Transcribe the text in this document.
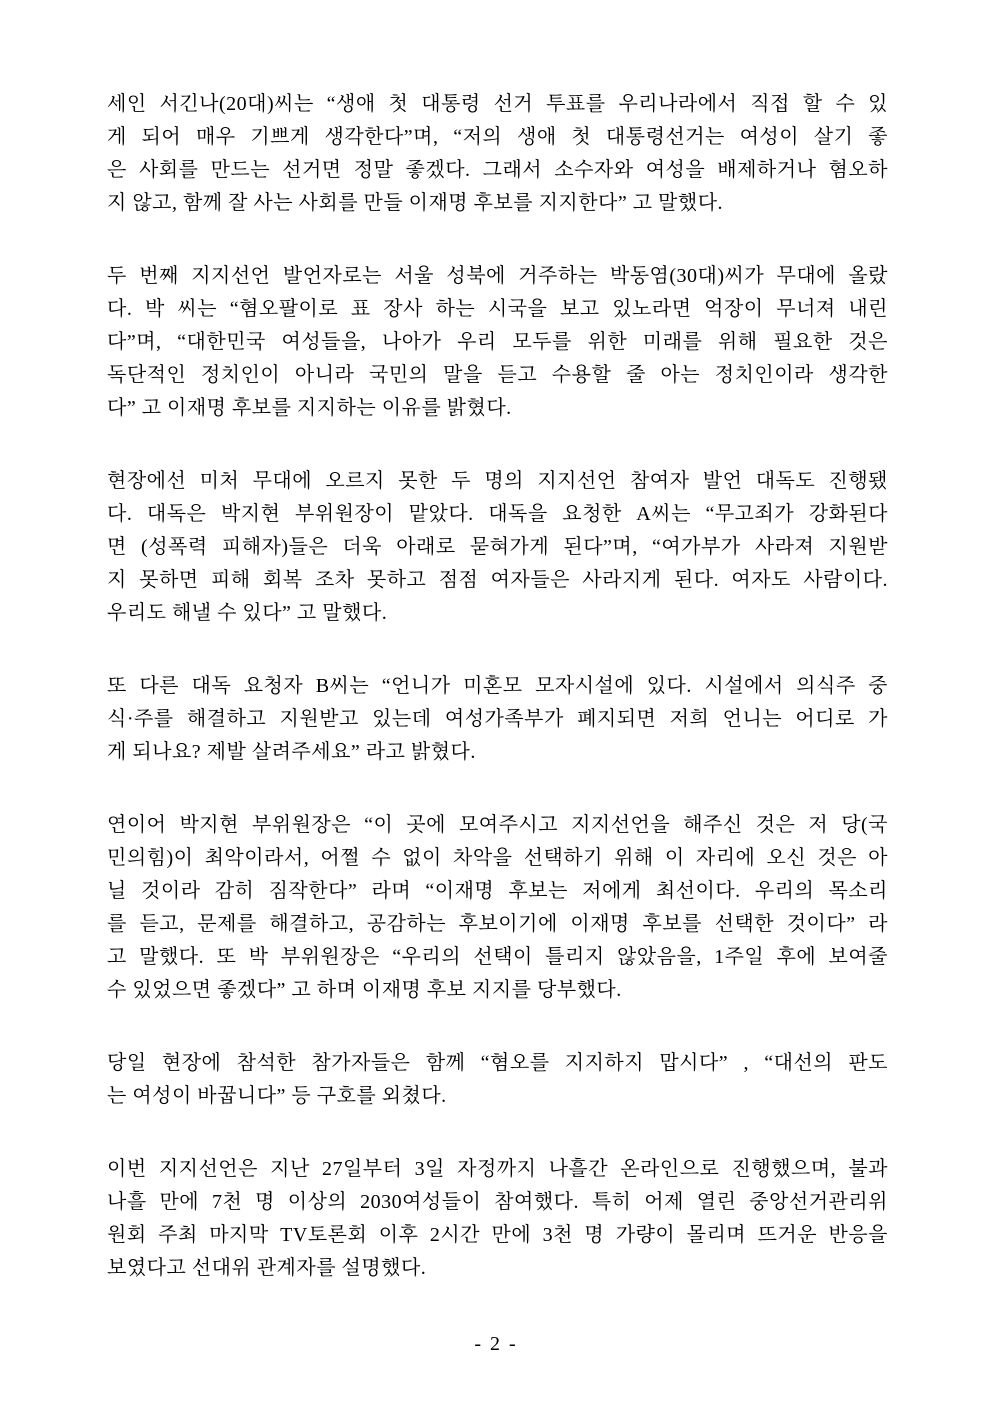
세인 서긴나(20대)씨는 “생애 첫 대통령 선거 투표를 우리나라에서 직접 할 수 있
게 되어 매우 기쁘게 생각한다”며, “저의 생애 첫 대통령선거는 여성이 살기 좋
은 사회를 만드는 선거면 정말 좋겠다. 그래서 소수자와 여성을 배제하거나 혐오하
지 않고, 함께 잘 사는 사회를 만들 이재명 후보를 지지한다” 고 말했다.
두 번째 지지선언 발언자로는 서울 성북에 거주하는 박동염(30대)씨가 무대에 올랐
다. 박 씨는 “혐오팔이로 표 장사 하는 시국을 보고 있노라면 억장이 무너져 내린
다”며, “대한민국 여성들을, 나아가 우리 모두를 위한 미래를 위해 필요한 것은
독단적인 정치인이 아니라 국민의 말을 듣고 수용할 줄 아는 정치인이라 생각한
다” 고 이재명 후보를 지지하는 이유를 밝혔다.
현장에선 미처 무대에 오르지 못한 두 명의 지지선언 참여자 발언 대독도 진행됐
다. 대독은 박지현 부위원장이 맡았다. 대독을 요청한 A씨는 “무고죄가 강화된다
면 (성폭력 피해자)들은 더욱 아래로 묻혀가게 된다”며, “여가부가 사라져 지원받
지 못하면 피해 회복 조차 못하고 점점 여자들은 사라지게 된다. 여자도 사람이다.
우리도 해낼 수 있다” 고 말했다.
또 다른 대독 요청자 B씨는 “언니가 미혼모 모자시설에 있다. 시설에서 의식주 중
식·주를 해결하고 지원받고 있는데 여성가족부가 폐지되면 저희 언니는 어디로 가
게 되나요? 제발 살려주세요” 라고 밝혔다.
연이어 박지현 부위원장은 “이 곳에 모여주시고 지지선언을 해주신 것은 저 당(국
민의힘)이 최악이라서, 어쩔 수 없이 차악을 선택하기 위해 이 자리에 오신 것은 아
닐 것이라 감히 짐작한다” 라며 “이재명 후보는 저에게 최선이다. 우리의 목소리
를 듣고, 문제를 해결하고, 공감하는 후보이기에 이재명 후보를 선택한 것이다” 라
고 말했다. 또 박 부위원장은 “우리의 선택이 틀리지 않았음을, 1주일 후에 보여줄
수 있었으면 좋겠다” 고 하며 이재명 후보 지지를 당부했다.
당일 현장에 참석한 참가자들은 함께 “혐오를 지지하지 맙시다” , “대선의 판도
는 여성이 바꿉니다” 등 구호를 외쳤다.
이번 지지선언은 지난 27일부터 3일 자정까지 나흘간 온라인으로 진행했으며, 불과
나흘 만에 7천 명 이상의 2030여성들이 참여했다. 특히 어제 열린 중앙선거관리위
원회 주최 마지막 TV토론회 이후 2시간 만에 3천 명 가량이 몰리며 뜨거운 반응을
보였다고 선대위 관계자를 설명했다.
- 2 -
